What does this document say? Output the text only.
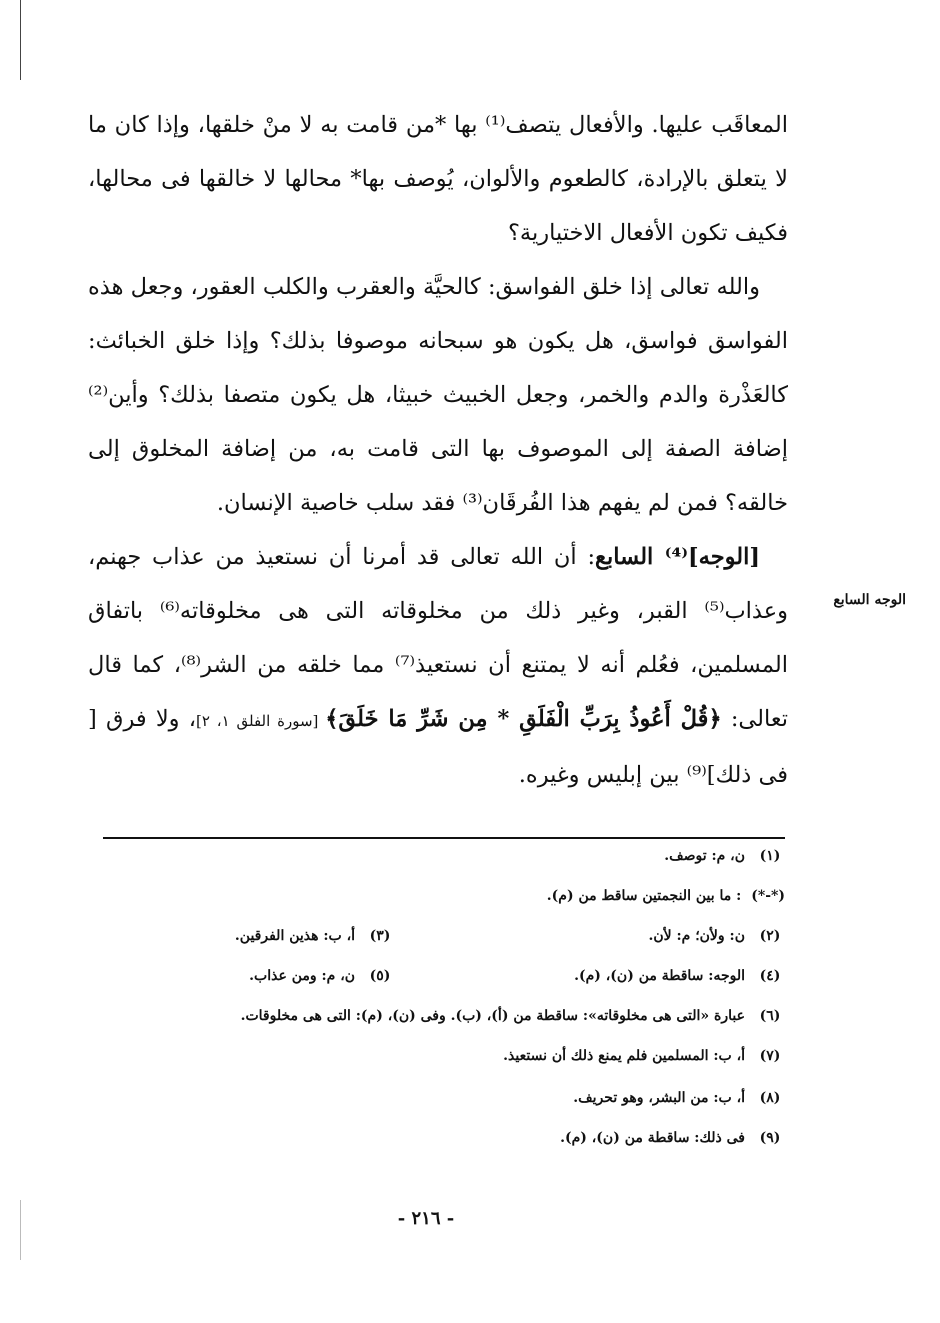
المعاقَب عليها. والأفعال يتصف⁽¹⁾ بها *من قامت به لا منْ خلقها، وإذا كان ما لا يتعلق بالإرادة، كالطعوم والألوان، يُوصف بها* محالها لا خالقها فى محالها، فكيف تكون الأفعال الاختيارية؟

والله تعالى إذا خلق الفواسق: كالحيَّة والعقرب والكلب العقور، وجعل هذه الفواسق فواسق، هل يكون هو سبحانه موصوفا بذلك؟ وإذا خلق الخبائث: كالعَذْرة والدم والخمر، وجعل الخبيث خبيثا، هل يكون متصفا بذلك؟ وأين⁽²⁾ إضافة الصفة إلى الموصوف بها التى قامت به، من إضافة المخلوق إلى خالقه؟ فمن لم يفهم هذا الفُرقَان⁽³⁾ فقد سلب خاصية الإنسان.

[الوجه]⁽⁴⁾ السابع: أن الله تعالى قد أمرنا أن نستعيذ من عذاب جهنم، وعذاب⁽⁵⁾ القبر، وغير ذلك من مخلوقاته التى هى مخلوقاته⁽⁶⁾ باتفاق المسلمين، فعُلم أنه لا يمتنع أن نستعيذ⁽⁷⁾ مما خلقه من الشر⁽⁸⁾، كما قال تعالى: ﴿قُلْ أَعُوذُ بِرَبِّ الْفَلَقِ * مِن شَرِّ مَا خَلَقَ﴾ [سورة الفلق ١، ٢]، ولا فرق [ فى ذلك]⁽⁹⁾ بين إبليس وغيره.

الوجه السابع
(١)ن، م: توصف.
(*-*): ما بين النجمتين ساقط من (م).
(٢)ن: ولأن؛ م: لأن.
(٣)أ، ب: هذين الفرقين.
(٤)الوجه: ساقطة من (ن)، (م).
(٥)ن، م: ومن عذاب.
(٦)عبارة «التى هى مخلوقاته»: ساقطة من (أ)، (ب). وفى (ن)، (م): التى هى مخلوقات.
(٧)أ، ب: المسلمين فلم يمنع ذلك أن نستعيذ.
(٨)أ، ب: من البشر، وهو تحريف.
(٩)فى ذلك: ساقطة من (ن)، (م).
- ٢١٦ -
